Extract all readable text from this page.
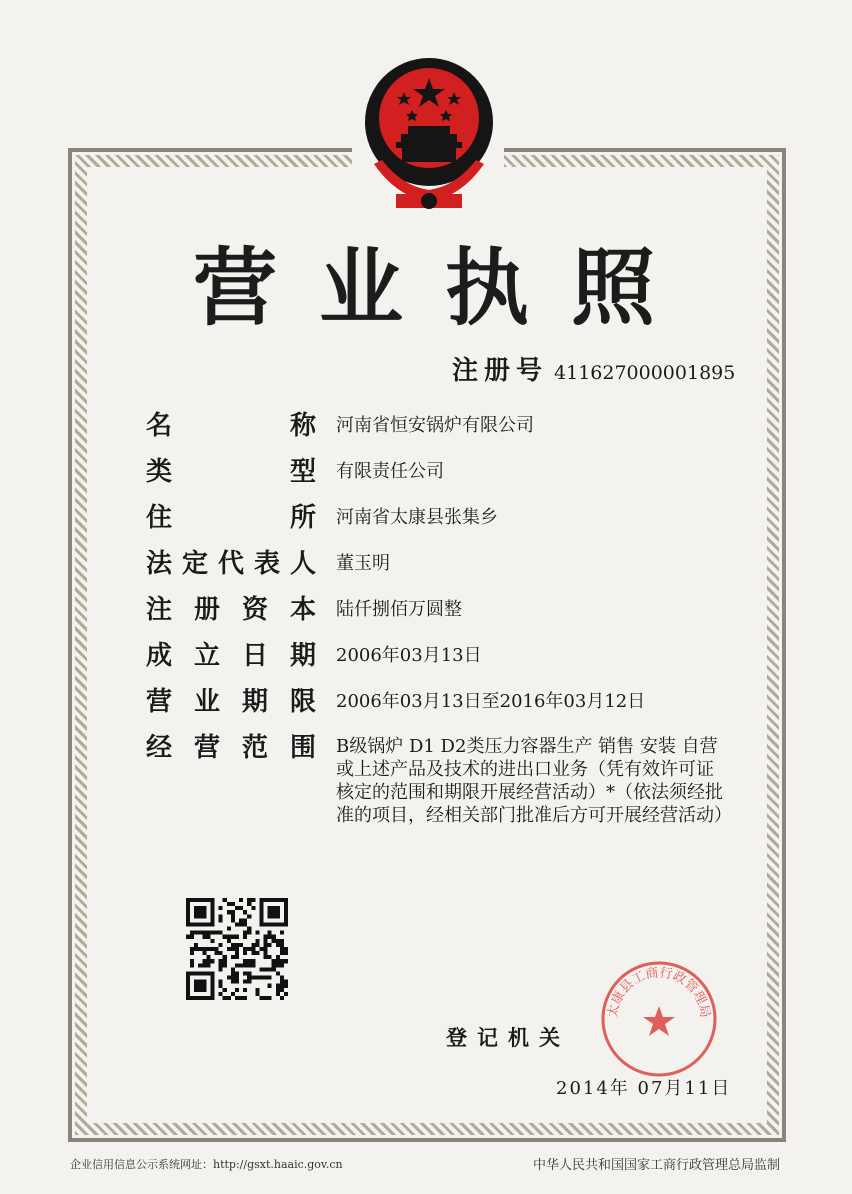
营业执照
注册号 411627000001895
名	称 河南省恒安锅炉有限公司
类	型 有限责任公司
住	所 河南省太康县张集乡
法 定 代 表 人 董玉明
注 册 资 本 陆仟捌佰万圆整
成 立 日 期 2006年03月13日
营 业 期 限 2006年03月13日至2016年03月12日
经 营 范 围 B级锅炉 D1 D2类压力容器生产 销售 安装 自营或上述产品及技术的进出口业务（凭有效许可证核定的范围和期限开展经营活动）*（依法须经批准的项目，经相关部门批准后方可开展经营活动）
太康县工商行政管理局
登记机关
2014年 07月11日
企业信用信息公示系统网址：http://gsxt.haaic.gov.cn	中华人民共和国国家工商行政管理总局监制
